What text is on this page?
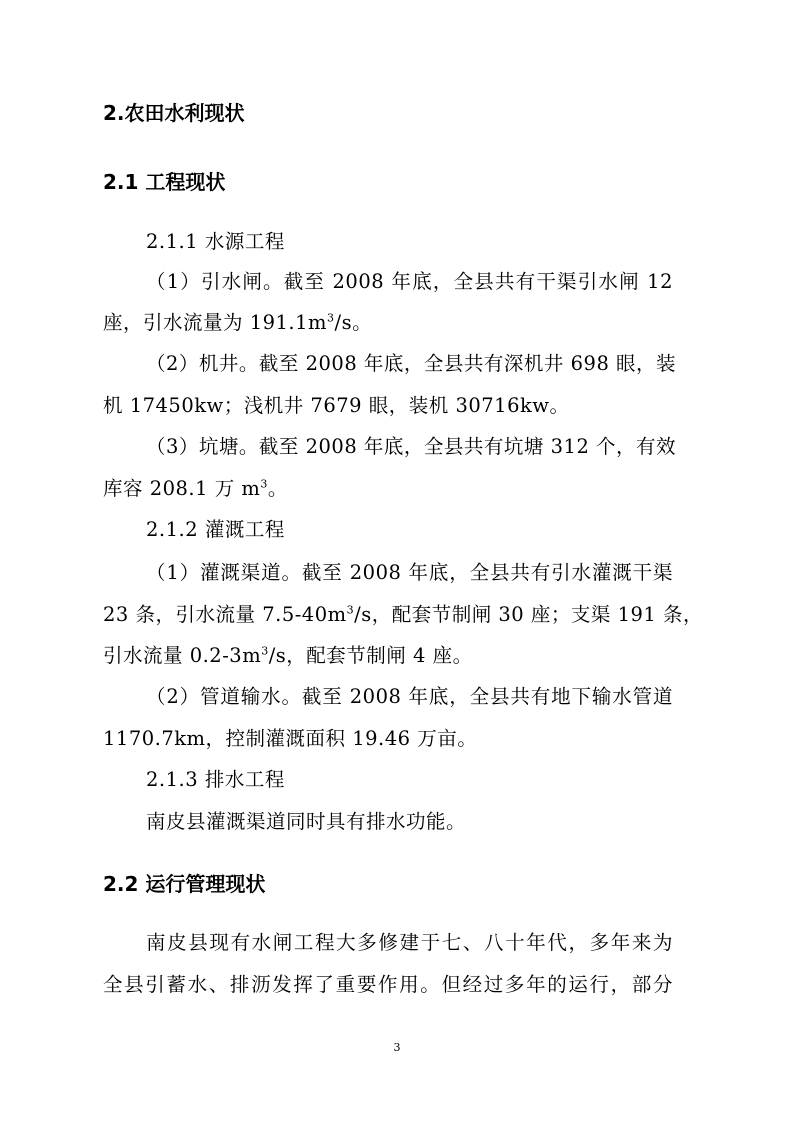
2.农田水利现状
2.1 工程现状
2.1.1 水源工程
（1）引水闸。截至 2008 年底，全县共有干渠引水闸 12
座，引水流量为 $191.1m^3/s$。
（2）机井。截至 2008 年底，全县共有深机井 698 眼，装
机 17450kw；浅机井 7679 眼，装机 30716kw。
（3）坑塘。截至 2008 年底，全县共有坑塘 312 个，有效
库容 208.1 万 $m^3$。
2.1.2 灌溉工程
（1）灌溉渠道。截至 2008 年底，全县共有引水灌溉干渠
23 条，引水流量 $7.5-40m^3/s$，配套节制闸 30 座；支渠 191 条，
引水流量 $0.2-3m^3/s$，配套节制闸 4 座。
（2）管道输水。截至 2008 年底，全县共有地下输水管道
1170.7km，控制灌溉面积 19.46 万亩。
2.1.3 排水工程
南皮县灌溉渠道同时具有排水功能。
2.2 运行管理现状
南皮县现有水闸工程大多修建于七、八十年代，多年来为
全县引蓄水、排沥发挥了重要作用。但经过多年的运行，部分
3
